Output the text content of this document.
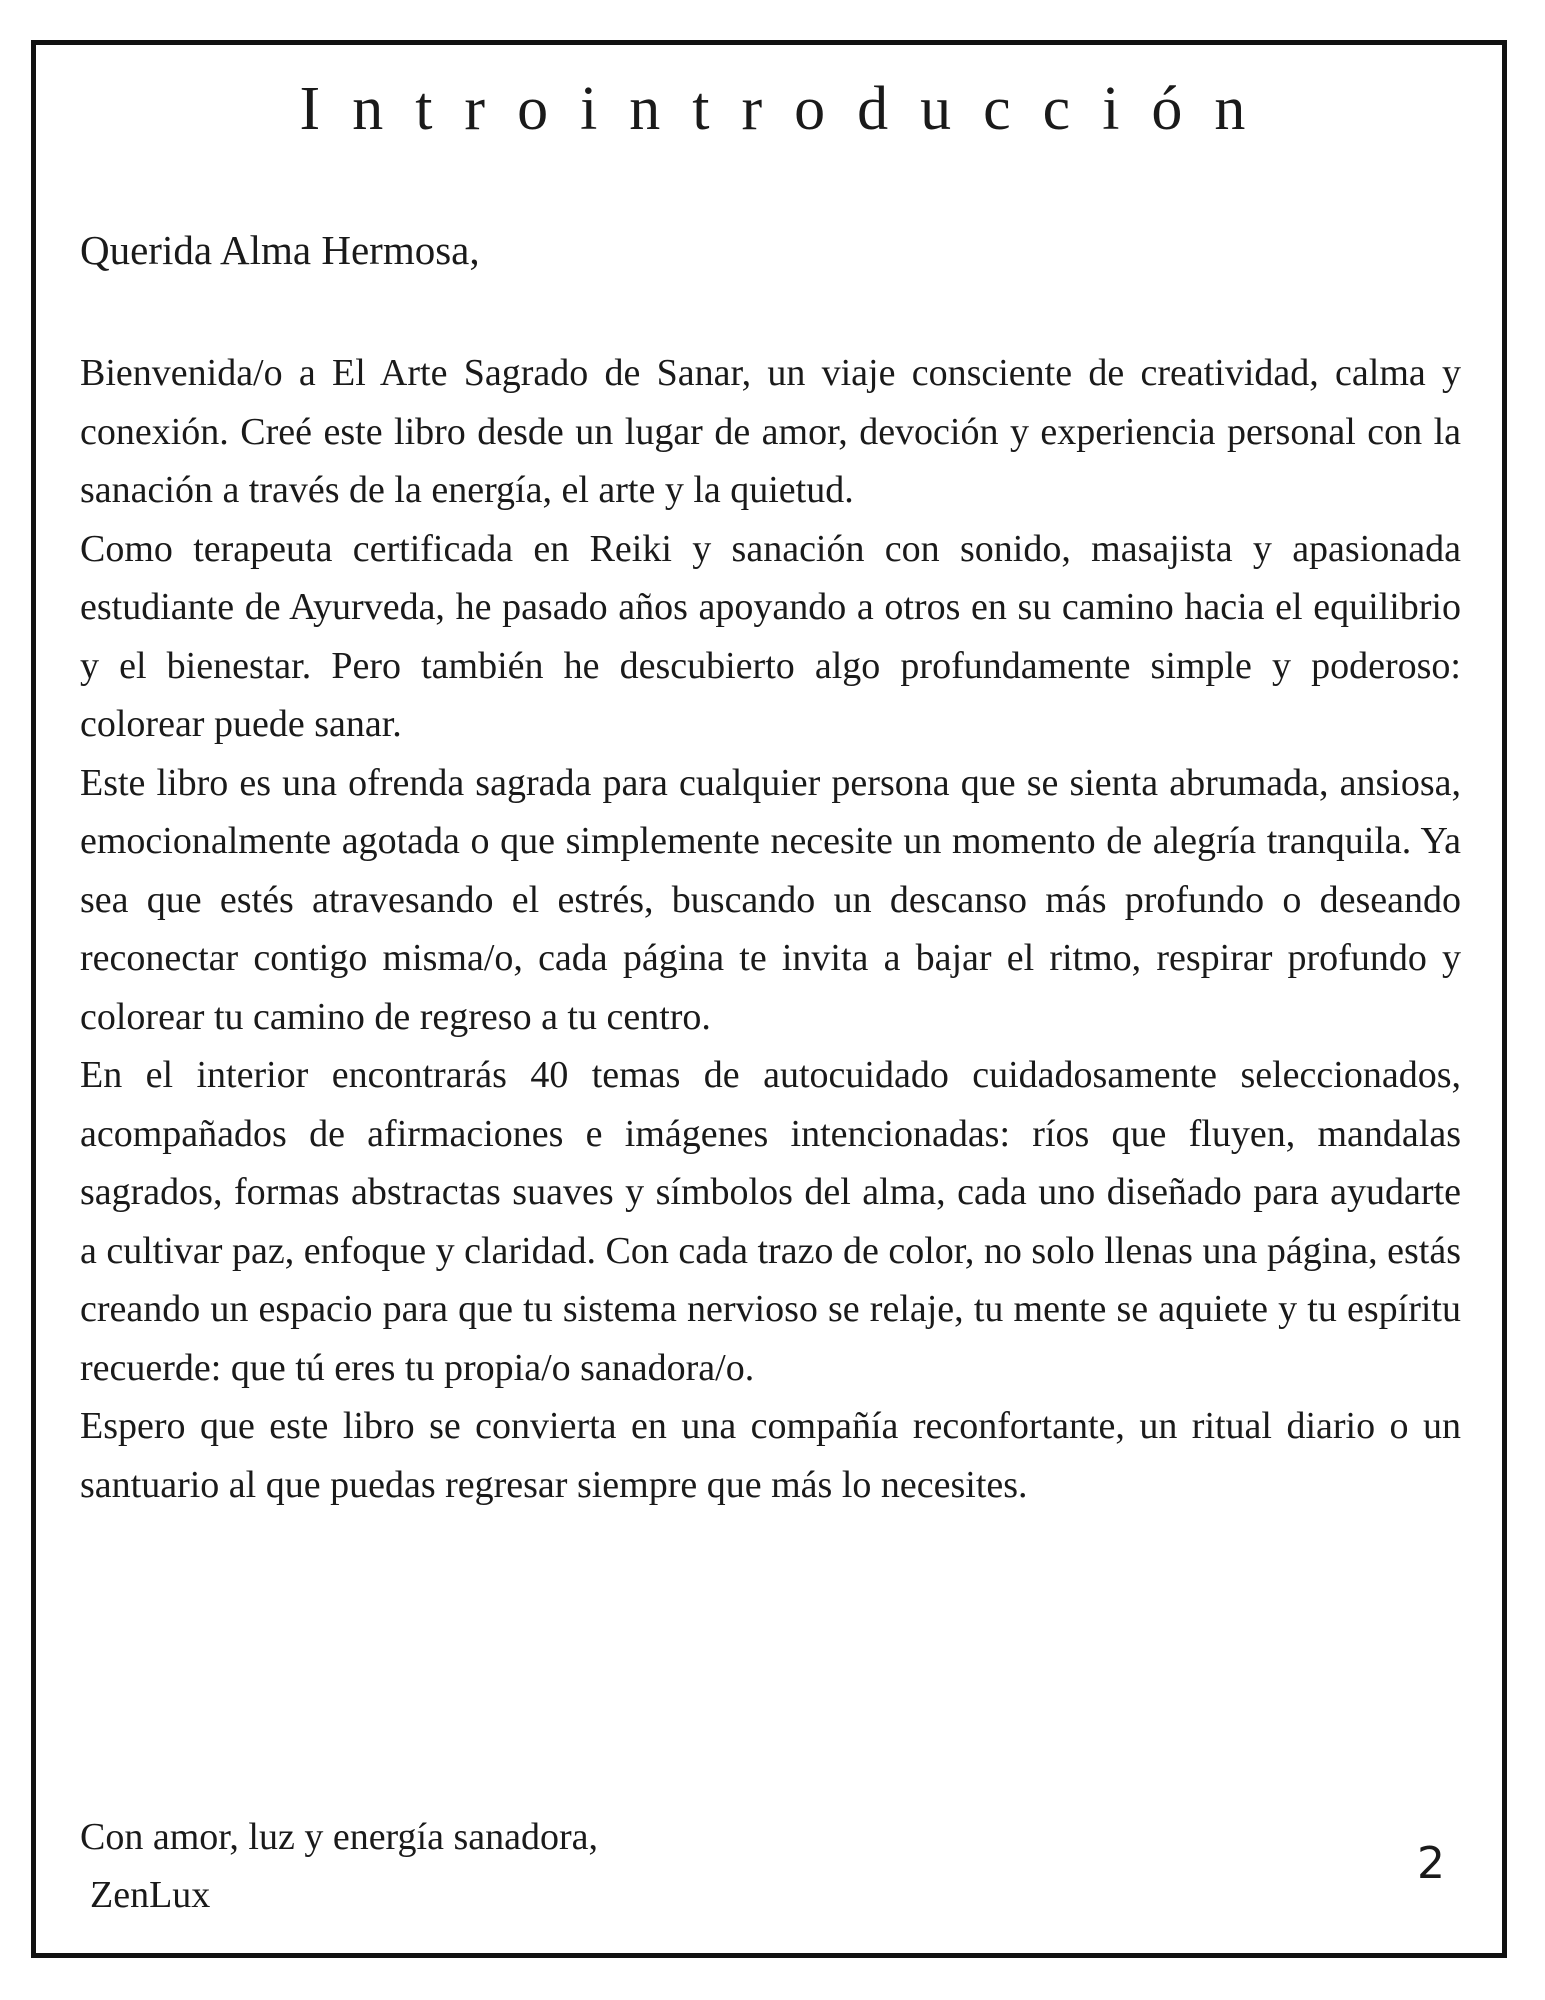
Introintroducción

Querida Alma Hermosa,

Bienvenida/o a El Arte Sagrado de Sanar, un viaje consciente de creatividad, calma y conexión. Creé este libro desde un lugar de amor, devoción y experiencia personal con la sanación a través de la energía, el arte y la quietud.

Como terapeuta certificada en Reiki y sanación con sonido, masajista y apasionada estudiante de Ayurveda, he pasado años apoyando a otros en su camino hacia el equilibrio y el bienestar. Pero también he descubierto algo profundamente simple y poderoso: colorear puede sanar.

Este libro es una ofrenda sagrada para cualquier persona que se sienta abrumada, ansiosa, emocionalmente agotada o que simplemente necesite un momento de alegría tranquila. Ya sea que estés atravesando el estrés, buscando un descanso más profundo o deseando reconectar contigo misma/o, cada página te invita a bajar el ritmo, respirar profundo y colorear tu camino de regreso a tu centro.

En el interior encontrarás 40 temas de autocuidado cuidadosamente seleccionados, acompañados de afirmaciones e imágenes intencionadas: ríos que fluyen, mandalas sagrados, formas abstractas suaves y símbolos del alma, cada uno diseñado para ayudarte a cultivar paz, enfoque y claridad. Con cada trazo de color, no solo llenas una página, estás creando un espacio para que tu sistema nervioso se relaje, tu mente se aquiete y tu espíritu recuerde: que tú eres tu propia/o sanadora/o.

Espero que este libro se convierta en una compañía reconfortante, un ritual diario o un santuario al que puedas regresar siempre que más lo necesites.

Con amor, luz y energía sanadora,
ZenLux
2
